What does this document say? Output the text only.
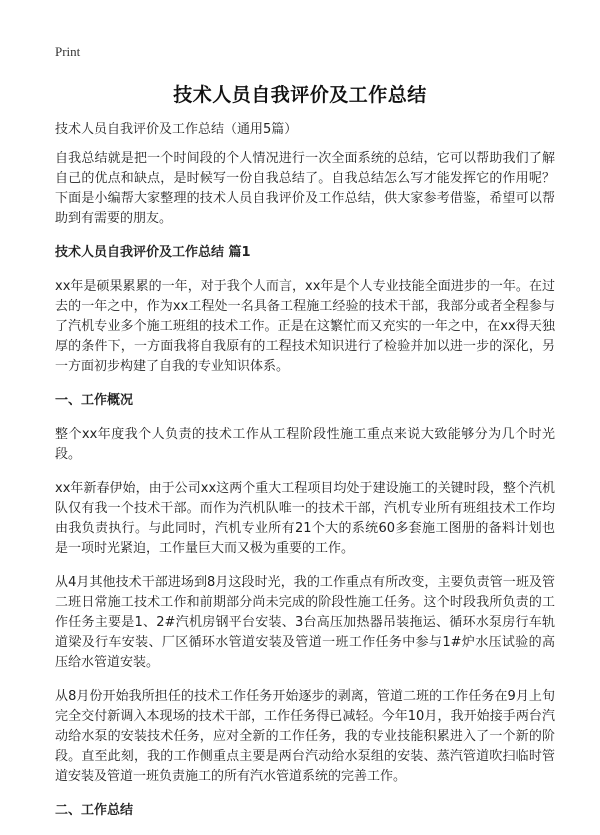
Print
技术人员自我评价及工作总结

技术人员自我评价及工作总结（通用5篇）

自我总结就是把一个时间段的个人情况进行一次全面系统的总结，它可以帮助我们了解自己的优点和缺点，是时候写一份自我总结了。自我总结怎么写才能发挥它的作用呢？下面是小编帮大家整理的技术人员自我评价及工作总结，供大家参考借鉴，希望可以帮助到有需要的朋友。

技术人员自我评价及工作总结 篇1

xx年是硕果累累的一年，对于我个人而言，xx年是个人专业技能全面进步的一年。在过去的一年之中，作为xx工程处一名具备工程施工经验的技术干部，我部分或者全程参与了汽机专业多个施工班组的技术工作。正是在这繁忙而又充实的一年之中，在xx得天独厚的条件下，一方面我将自我原有的工程技术知识进行了检验并加以进一步的深化，另一方面初步构建了自我的专业知识体系。

一、工作概况

整个xx年度我个人负责的技术工作从工程阶段性施工重点来说大致能够分为几个时光段。

xx年新春伊始，由于公司xx这两个重大工程项目均处于建设施工的关键时段，整个汽机队仅有我一个技术干部。而作为汽机队唯一的技术干部，汽机专业所有班组技术工作均由我负责执行。与此同时，汽机专业所有21个大的系统60多套施工图册的备料计划也是一项时光紧迫，工作量巨大而又极为重要的工作。

从4月其他技术干部进场到8月这段时光，我的工作重点有所改变，主要负责管一班及管二班日常施工技术工作和前期部分尚未完成的阶段性施工任务。这个时段我所负责的工作任务主要是1、2#汽机房钢平台安装、3台高压加热器吊装拖运、循环水泵房行车轨道梁及行车安装、厂区循环水管道安装及管道一班工作任务中参与1#炉水压试验的高压给水管道安装。

从8月份开始我所担任的技术工作任务开始逐步的剥离，管道二班的工作任务在9月上旬完全交付新调入本现场的技术干部，工作任务得已减轻。今年10月，我开始接手两台汽动给水泵的安装技术任务，应对全新的工作任务，我的专业技能积累进入了一个新的阶段。直至此刻，我的工作侧重点主要是两台汽动给水泵组的安装、蒸汽管道吹扫临时管道安装及管道一班负责施工的所有汽水管道系统的完善工作。

二、工作总结
